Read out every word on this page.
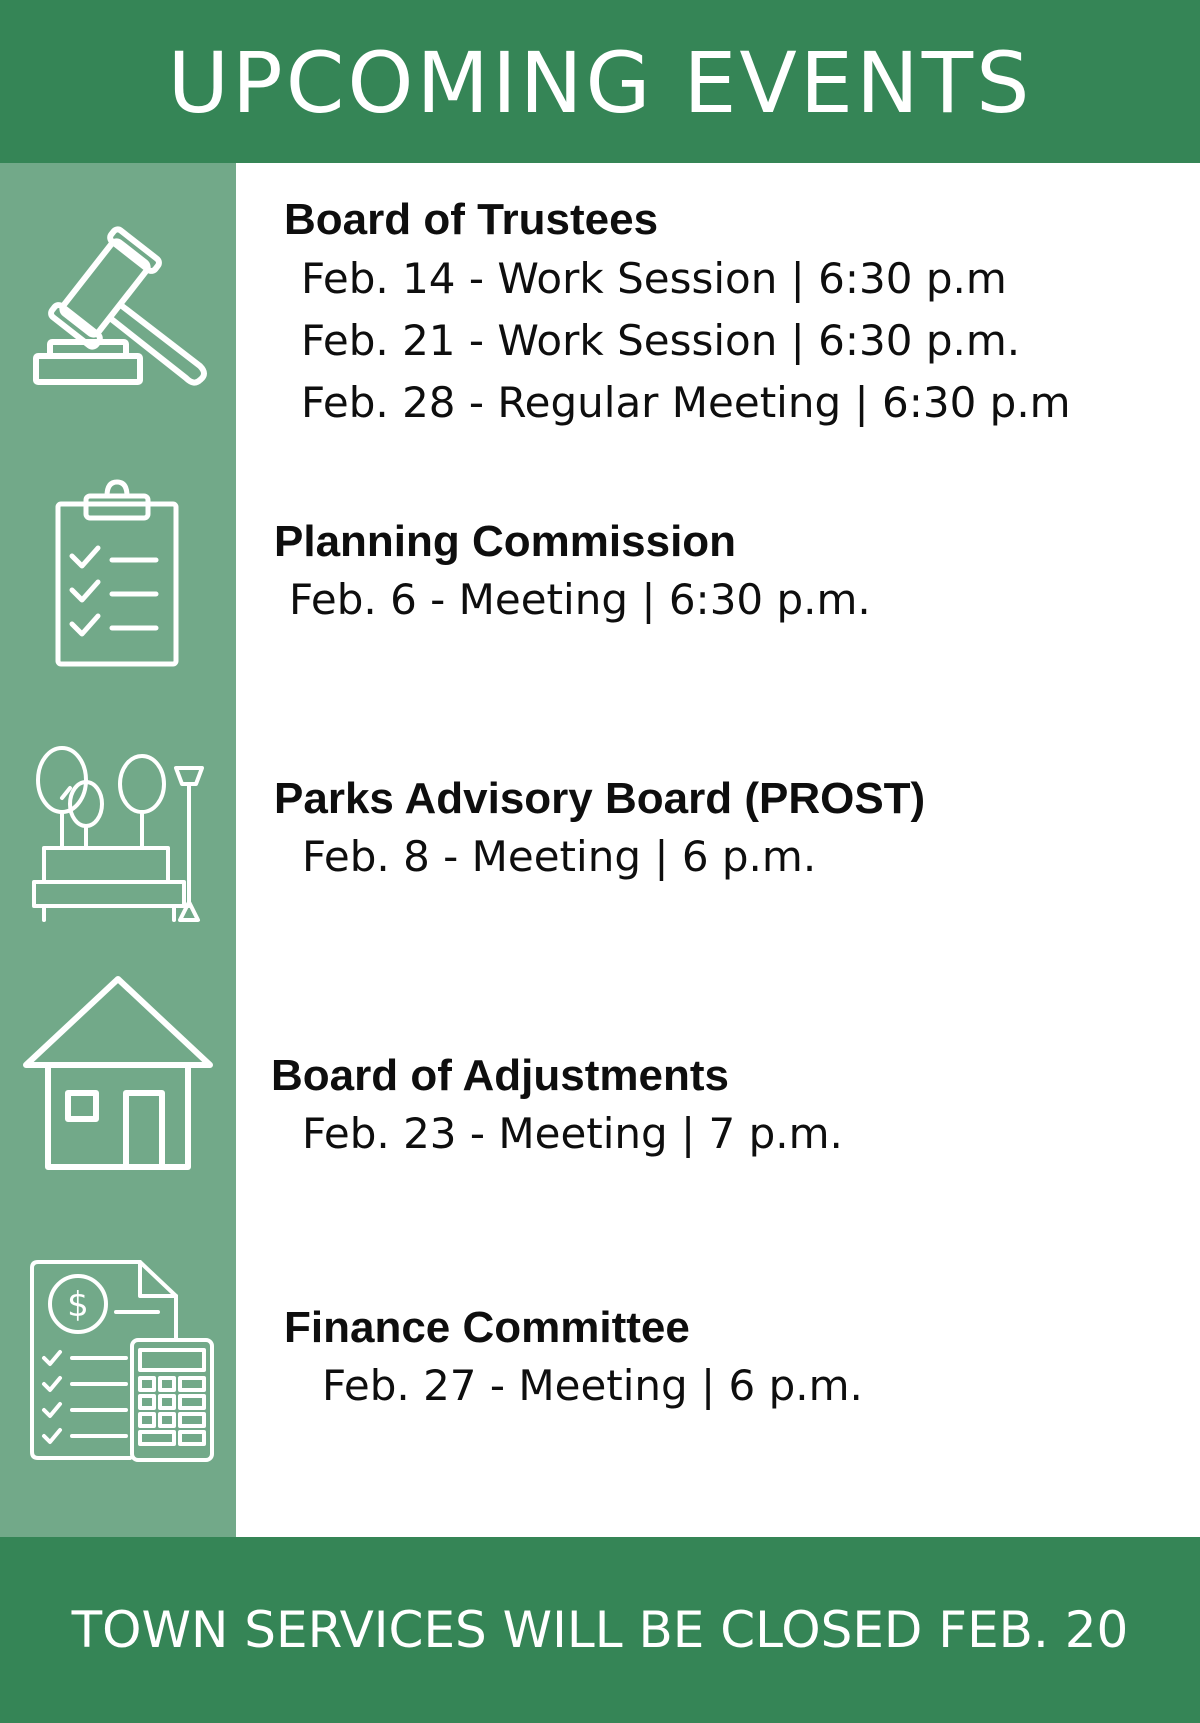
UPCOMING EVENTS
$
Board of Trustees
Feb. 14 - Work Session | 6:30 p.m
Feb. 21 - Work Session | 6:30 p.m.
Feb. 28 - Regular Meeting | 6:30 p.m
Planning Commission
Feb. 6 - Meeting | 6:30 p.m.
Parks Advisory Board (PROST)
Feb. 8 - Meeting | 6 p.m.
Board of Adjustments
Feb. 23 - Meeting | 7 p.m.
Finance Committee
Feb. 27 - Meeting | 6 p.m.
TOWN SERVICES WILL BE CLOSED FEB. 20
